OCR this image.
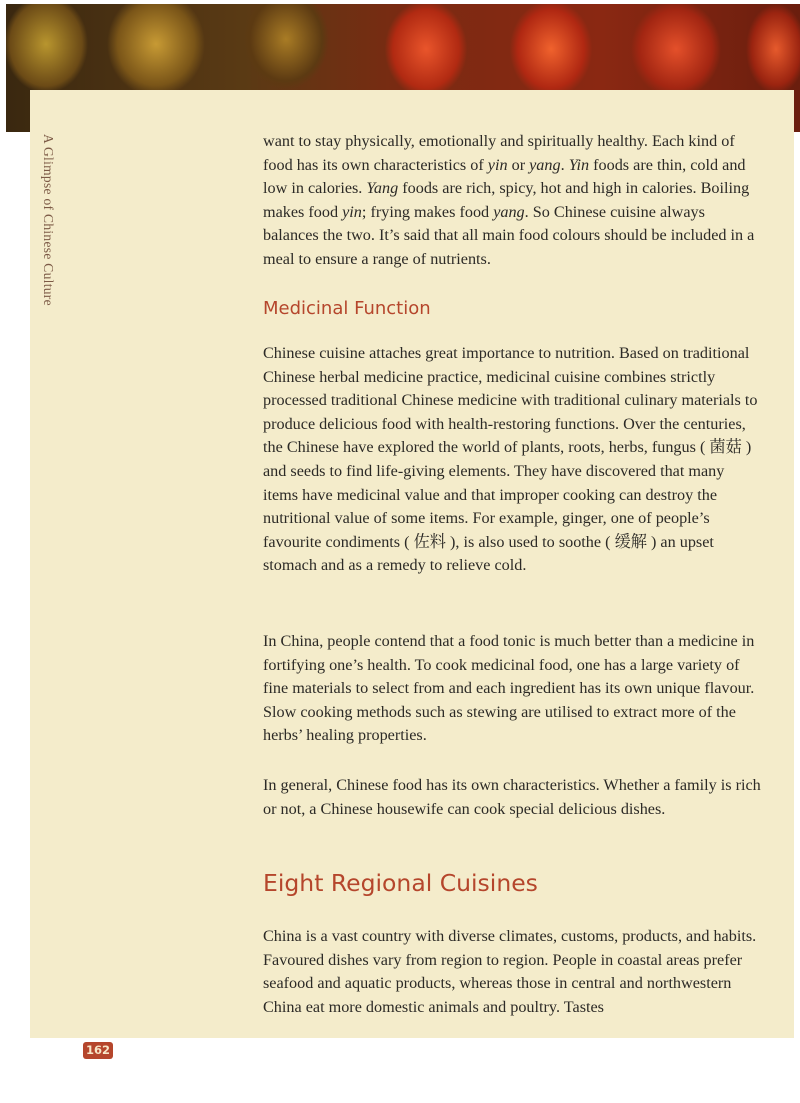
A Glimpse of Chinese Culture	want to stay physically, emotionally and spiritually healthy. Each kind of food has its own characteristics of yin or yang. Yin foods are thin, cold and low in calories. Yang foods are rich, spicy, hot and high in calories. Boiling makes food yin; frying makes food yang. So Chinese cuisine always balances the two. It’s said that all main food colours should be included in a meal to ensure a range of nutrients.

Medicinal Function

Chinese cuisine attaches great importance to nutrition. Based on traditional Chinese herbal medicine practice, medicinal cuisine combines strictly processed traditional Chinese medicine with traditional culinary materials to produce delicious food with health-restoring functions. Over the centuries, the Chinese have explored the world of plants, roots, herbs, fungus ( 菌菇 ) and seeds to find life-giving elements. They have discovered that many items have medicinal value and that improper cooking can destroy the nutritional value of some items. For example, ginger, one of people’s favourite condiments ( 佐料 ), is also used to soothe ( 缓解 ) an upset stomach and as a remedy to relieve cold.

In China, people contend that a food tonic is much better than a medicine in fortifying one’s health. To cook medicinal food, one has a large variety of fine materials to select from and each ingredient has its own unique flavour. Slow cooking methods such as stewing are utilised to extract more of the herbs’ healing properties.

In general, Chinese food has its own characteristics. Whether a family is rich or not, a Chinese housewife can cook special delicious dishes.

Eight Regional Cuisines

China is a vast country with diverse climates, customs, products, and habits. Favoured dishes vary from region to region. People in coastal areas prefer seafood and aquatic products, whereas those in central and northwestern China eat more domestic animals and poultry. Tastes

162
